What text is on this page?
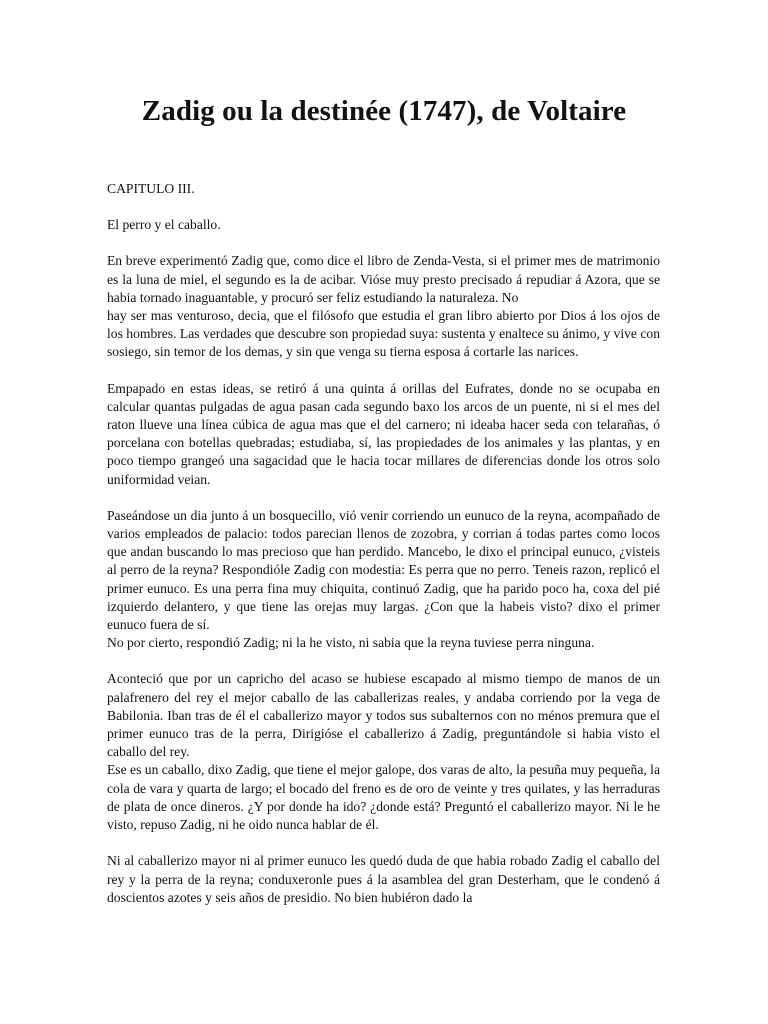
Zadig ou la destinée (1747), de Voltaire

CAPITULO III.

El perro y el caballo.

En breve experimentó Zadig que, como dice el libro de Zenda-Vesta, si el primer mes de matrimonio es la luna de miel, el segundo es la de acibar. Vióse muy presto precisado á repudiar á Azora, que se habia tornado inaguantable, y procuró ser feliz estudiando la naturaleza. No

hay ser mas venturoso, decia, que el filósofo que estudia el gran libro abierto por Dios á los ojos de los hombres. Las verdades que descubre son propiedad suya: sustenta y enaltece su ánimo, y vive con sosiego, sin temor de los demas, y sin que venga su tierna esposa á cortarle las narices.

Empapado en estas ideas, se retiró á una quinta á orillas del Eufrates, donde no se ocupaba en calcular quantas pulgadas de agua pasan cada segundo baxo los arcos de un puente, ni si el mes del raton llueve una línea cúbica de agua mas que el del carnero; ni ideaba hacer seda con telarañas, ó porcelana con botellas quebradas; estudiaba, sí, las propiedades de los animales y las plantas, y en poco tiempo grangeó una sagacidad que le hacia tocar millares de diferencias donde los otros solo uniformidad veian.

Paseándose un dia junto á un bosquecillo, vió venir corriendo un eunuco de la reyna, acompañado de varios empleados de palacio: todos parecian llenos de zozobra, y corrian á todas partes como locos que andan buscando lo mas precioso que han perdido. Mancebo, le dixo el principal eunuco, ¿visteis al perro de la reyna? Respondióle Zadig con modestia: Es perra que no perro. Teneis razon, replicó el primer eunuco. Es una perra fina muy chiquita, continuó Zadig, que ha parido poco ha, coxa del pié izquierdo delantero, y que tiene las orejas muy largas. ¿Con que la habeis visto? dixo el primer eunuco fuera de sí.

No por cierto, respondió Zadig; ni la he visto, ni sabia que la reyna tuviese perra ninguna.

Aconteció que por un capricho del acaso se hubiese escapado al mismo tiempo de manos de un palafrenero del rey el mejor caballo de las caballerizas reales, y andaba corriendo por la vega de Babilonia. Iban tras de él el caballerizo mayor y todos sus subalternos con no ménos premura que el primer eunuco tras de la perra, Dirigióse el caballerizo á Zadig, preguntándole si habia visto el caballo del rey.

Ese es un caballo, dixo Zadig, que tiene el mejor galope, dos varas de alto, la pesuña muy pequeña, la cola de vara y quarta de largo; el bocado del freno es de oro de veinte y tres quilates, y las herraduras de plata de once dineros. ¿Y por donde ha ido? ¿donde está? Preguntó el caballerizo mayor. Ni le he visto, repuso Zadig, ni he oido nunca hablar de él.

Ni al caballerizo mayor ni al primer eunuco les quedó duda de que habia robado Zadig el caballo del rey y la perra de la reyna; conduxeronle pues á la asamblea del gran Desterham, que le condenó á doscientos azotes y seis años de presidio. No bien hubiéron dado la
